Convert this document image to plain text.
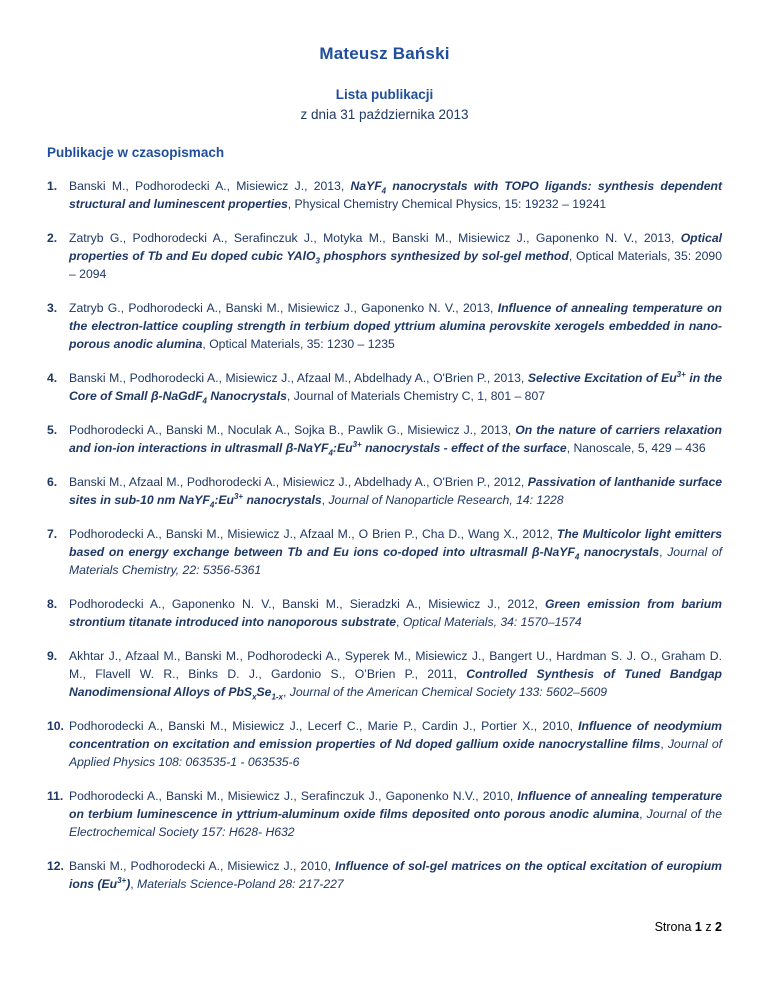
Mateusz Bański
Lista publikacji
z dnia 31 października 2013
Publikacje w czasopismach
1. Banski M., Podhorodecki A., Misiewicz J., 2013, NaYF$_4$ nanocrystals with TOPO ligands: synthesis dependent structural and luminescent properties, Physical Chemistry Chemical Physics, 15: 19232 – 19241
2. Zatryb G., Podhorodecki A., Serafinczuk J., Motyka M., Banski M., Misiewicz J., Gaponenko N. V., 2013, Optical properties of Tb and Eu doped cubic YAlO$_3$ phosphors synthesized by sol-gel method, Optical Materials, 35: 2090 – 2094
3. Zatryb G., Podhorodecki A., Banski M., Misiewicz J., Gaponenko N. V., 2013, Influence of annealing temperature on the electron-lattice coupling strength in terbium doped yttrium alumina perovskite xerogels embedded in nano-porous anodic alumina, Optical Materials, 35: 1230 – 1235
4. Banski M., Podhorodecki A., Misiewicz J., Afzaal M., Abdelhady A., O'Brien P., 2013, Selective Excitation of $Eu^{3+}$ in the Core of Small β-NaGdF$_4$ Nanocrystals, Journal of Materials Chemistry C, 1, 801 – 807
5. Podhorodecki A., Banski M., Noculak A., Sojka B., Pawlik G., Misiewicz J., 2013, On the nature of carriers relaxation and ion-ion interactions in ultrasmall $\beta-NaYF_4:Eu^{3+}$ nanocrystals - effect of the surface, Nanoscale, 5, 429 – 436
6. Banski M., Afzaal M., Podhorodecki A., Misiewicz J., Abdelhady A., O'Brien P., 2012, Passivation of lanthanide surface sites in sub-10 nm $NaYF_4:Eu^{3+}$ nanocrystals, Journal of Nanoparticle Research, 14: 1228
7. Podhorodecki A., Banski M., Misiewicz J., Afzaal M., O Brien P., Cha D., Wang X., 2012, The Multicolor light emitters based on energy exchange between Tb and Eu ions co-doped into ultrasmall β-NaYF$_4$ nanocrystals, Journal of Materials Chemistry, 22: 5356-5361
8. Podhorodecki A., Gaponenko N. V., Banski M., Sieradzki A., Misiewicz J., 2012, Green emission from barium strontium titanate introduced into nanoporous substrate, Optical Materials, 34: 1570–1574
9. Akhtar J., Afzaal M., Banski M., Podhorodecki A., Syperek M., Misiewicz J., Bangert U., Hardman S. J. O., Graham D. M., Flavell W. R., Binks D. J., Gardonio S., O’Brien P., 2011, Controlled Synthesis of Tuned Bandgap Nanodimensional Alloys of $PbS_xSe_{1-x}$, Journal of the American Chemical Society 133: 5602–5609
10. Podhorodecki A., Banski M., Misiewicz J., Lecerf C., Marie P., Cardin J., Portier X., 2010, Influence of neodymium concentration on excitation and emission properties of Nd doped gallium oxide nanocrystalline films, Journal of Applied Physics 108: 063535-1 - 063535-6
11. Podhorodecki A., Banski M., Misiewicz J., Serafinczuk J., Gaponenko N.V., 2010, Influence of annealing temperature on terbium luminescence in yttrium-aluminum oxide films deposited onto porous anodic alumina, Journal of the Electrochemical Society 157: H628- H632
12. Banski M., Podhorodecki A., Misiewicz J., 2010, Influence of sol-gel matrices on the optical excitation of europium ions $(Eu^{3+})$, Materials Science-Poland 28: 217-227
Strona 1 z 2
